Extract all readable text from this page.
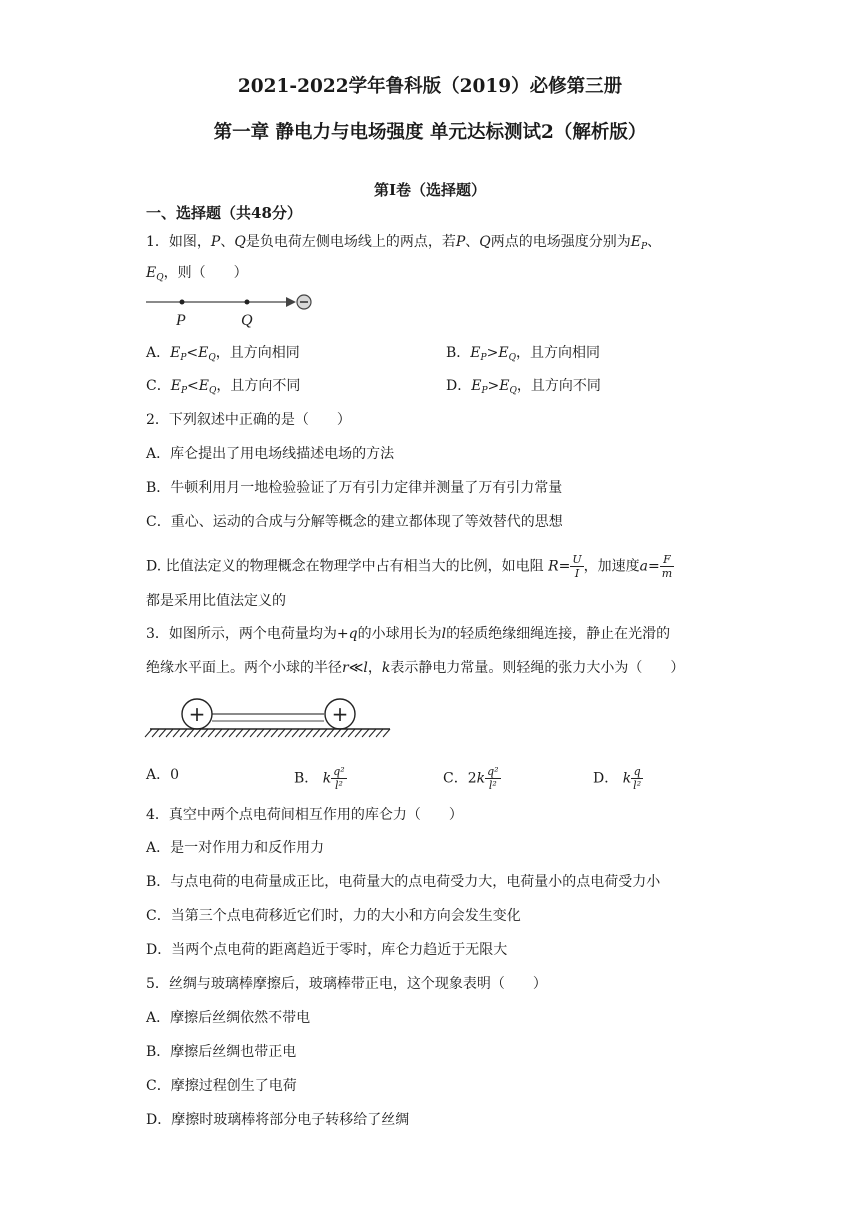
2021-2022学年鲁科版（2019）必修第三册
第一章 静电力与电场强度 单元达标测试2（解析版）
第Ⅰ卷（选择题）
一、选择题（共48分）
1．如图，P、Q是负电荷左侧电场线上的两点，若P、Q两点的电场强度分别为$E_P$、
$E_Q$，则（　　）
P	Q
A．$E_P<E_Q$，且方向相同	B．$E_P>E_Q$，且方向相同
C．$E_P<E_Q$，且方向不同	D．$E_P>E_Q$，且方向不同
2．下列叙述中正确的是（　　）
A．库仑提出了用电场线描述电场的方法
B．牛顿利用月一地检验验证了万有引力定律并测量了万有引力常量
C．重心、运动的合成与分解等概念的建立都体现了等效替代的思想
D. 比值法定义的物理概念在物理学中占有相当大的比例，如电阻 $R= \frac{U}{I}$ ，加速度$a= \frac{F}{m}$
都是采用比值法定义的
3．如图所示，两个电荷量均为+q的小球用长为l的轻质绝缘细绳连接，静止在光滑的
绝缘水平面上。两个小球的半径r≪l，k表示静电力常量。则轻绳的张力大小为（　　）
+	+
A．0	B． k $\frac{\text{q²}}{\text{l²}}$	C．$2k \frac{\text{q²}}{\text{l²}}$	D． k $\frac{q}{\text{l²}}$
4．真空中两个点电荷间相互作用的库仑力（　　）
A．是一对作用力和反作用力
B．与点电荷的电荷量成正比，电荷量大的点电荷受力大，电荷量小的点电荷受力小
C．当第三个点电荷移近它们时，力的大小和方向会发生变化
D．当两个点电荷的距离趋近于零时，库仑力趋近于无限大
5．丝绸与玻璃棒摩擦后，玻璃棒带正电，这个现象表明（　　）
A．摩擦后丝绸依然不带电
B．摩擦后丝绸也带正电
C．摩擦过程创生了电荷
D．摩擦时玻璃棒将部分电子转移给了丝绸
